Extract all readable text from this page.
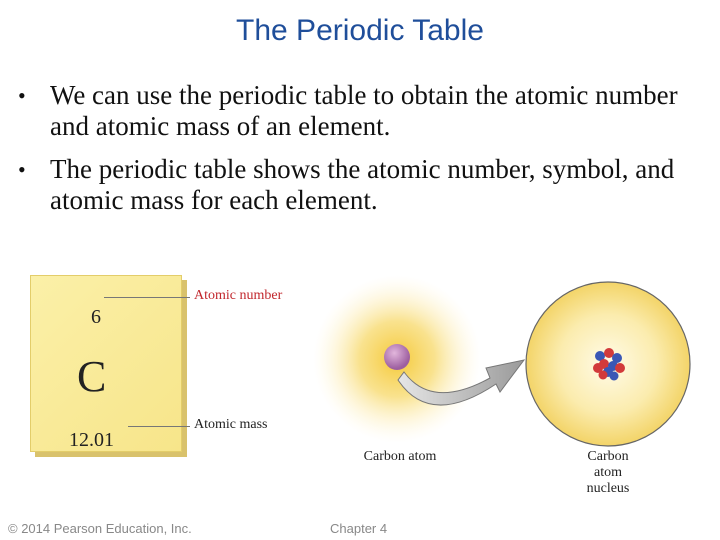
The Periodic Table
• We can use the periodic table to obtain the atomic number and atomic mass of an element.
• The periodic table shows the atomic number, symbol, and atomic mass for each element.
6
C
12.01
Atomic number
Atomic mass
Carbon atom	Carbon
atom
nucleus
© 2014 Pearson Education, Inc.	Chapter 4
